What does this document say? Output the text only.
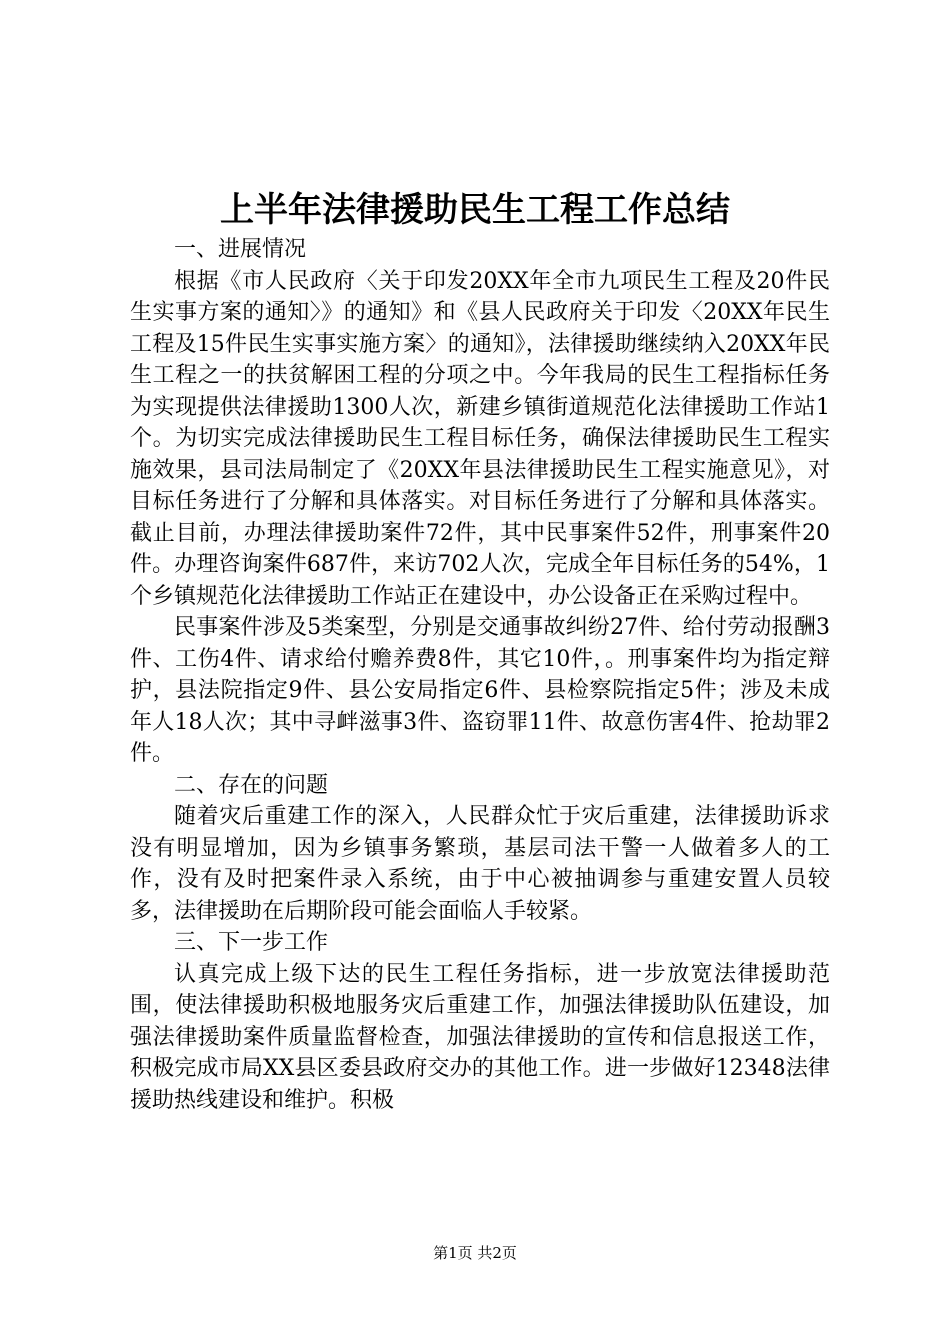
上半年法律援助民生工程工作总结

一、进展情况

根据《市人民政府〈关于印发20XX年全市九项民生工程及20件民生实事方案的通知〉》的通知》和《县人民政府关于印发〈20XX年民生工程及15件民生实事实施方案〉的通知》，法律援助继续纳入20XX年民生工程之一的扶贫解困工程的分项之中。今年我局的民生工程指标任务为实现提供法律援助1300人次，新建乡镇街道规范化法律援助工作站1个。为切实完成法律援助民生工程目标任务，确保法律援助民生工程实施效果，县司法局制定了《20XX年县法律援助民生工程实施意见》，对目标任务进行了分解和具体落实。对目标任务进行了分解和具体落实。截止目前，办理法律援助案件72件，其中民事案件52件，刑事案件20件。办理咨询案件687件，来访702人次，完成全年目标任务的54%，1个乡镇规范化法律援助工作站正在建设中，办公设备正在采购过程中。

民事案件涉及5类案型，分别是交通事故纠纷27件、给付劳动报酬3件、工伤4件、请求给付赡养费8件，其它10件，。刑事案件均为指定辩护，县法院指定9件、县公安局指定6件、县检察院指定5件；涉及未成年人18人次；其中寻衅滋事3件、盗窃罪11件、故意伤害4件、抢劫罪2件。

二、存在的问题

随着灾后重建工作的深入，人民群众忙于灾后重建，法律援助诉求没有明显增加，因为乡镇事务繁琐，基层司法干警一人做着多人的工作，没有及时把案件录入系统，由于中心被抽调参与重建安置人员较多，法律援助在后期阶段可能会面临人手较紧。

三、下一步工作

认真完成上级下达的民生工程任务指标，进一步放宽法律援助范围，使法律援助积极地服务灾后重建工作，加强法律援助队伍建设，加强法律援助案件质量监督检查，加强法律援助的宣传和信息报送工作，积极完成市局XX县区委县政府交办的其他工作。进一步做好12348法律援助热线建设和维护。积极

第1页 共2页
